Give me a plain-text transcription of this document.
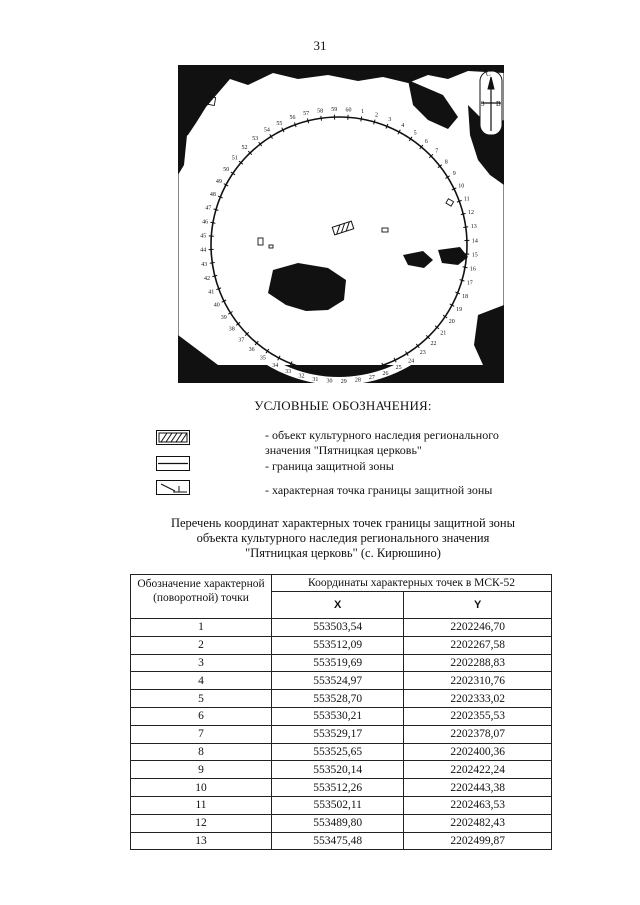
31
1
2
3
4
5
6
7
8
9
10
11
12
13
14
15
16
17
18
19
20
21
22
23
24
25
26
27
28
29
30
31
32
33
34
35
36
37
38
39
40
41
42
43
44
45
46
47
48
49
50
51
52
53
54
55
56
57 58 59 60
С
3 В
УСЛОВНЫЕ ОБОЗНАЧЕНИЯ:
- объект культурного наследия регионального
значения "Пятницкая церковь"
- граница защитной зоны
- характерная точка границы защитной зоны
Перечень координат характерных точек границы защитной зоны
объекта культурного наследия регионального значения
"Пятницкая церковь" (с. Кирюшино)
Обозначение характерной (поворотной) точки	Координаты характерных точек в МСК-52	
	X	Y
1	553503,54	2202246,70
2	553512,09	2202267,58
3	553519,69	2202288,83
4	553524,97	2202310,76
5	553528,70	2202333,02
6	553530,21	2202355,53
7	553529,17	2202378,07
8	553525,65	2202400,36
9	553520,14	2202422,24
10	553512,26	2202443,38
11	553502,11	2202463,53
12	553489,80	2202482,43
13	553475,48	2202499,87
